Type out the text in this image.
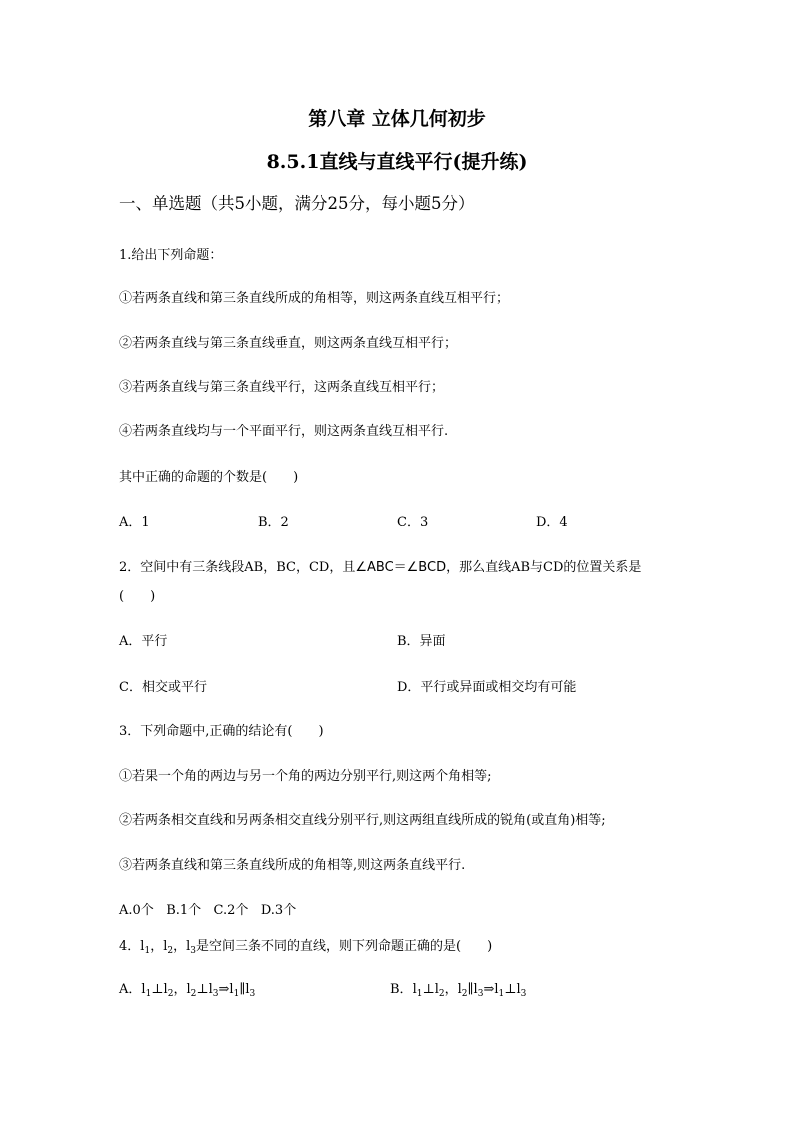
第八章 立体几何初步
8.5.1直线与直线平行(提升练)
一、单选题（共5小题，满分25分，每小题5分）
1.给出下列命题：
①若两条直线和第三条直线所成的角相等，则这两条直线互相平行；
②若两条直线与第三条直线垂直，则这两条直线互相平行；
③若两条直线与第三条直线平行，这两条直线互相平行；
④若两条直线均与一个平面平行，则这两条直线互相平行.
其中正确的命题的个数是(　　)
A．1	B．2	C．3	D．4
2．空间中有三条线段AB，BC，CD，且∠ABC＝∠BCD，那么直线AB与CD的位置关系是
(　　)
A．平行	B．异面
C．相交或平行	D．平行或异面或相交均有可能
3．下列命题中,正确的结论有(　　)
①若果一个角的两边与另一个角的两边分别平行,则这两个角相等;
②若两条相交直线和另两条相交直线分别平行,则这两组直线所成的锐角(或直角)相等;
③若两条直线和第三条直线所成的角相等,则这两条直线平行.
A.0个   B.1个   C.2个   D.3个
4．$l_1$，$l_2$，$l_3$是空间三条不同的直线，则下列命题正确的是(　　)
A．$l_1\perp l_2$，$l_2\perp l_3\Rightarrow l_1\parallel l_3$	B．$l_1\perp l_2$，$l_2\parallel l_3\Rightarrow l_1\perp l_3$
